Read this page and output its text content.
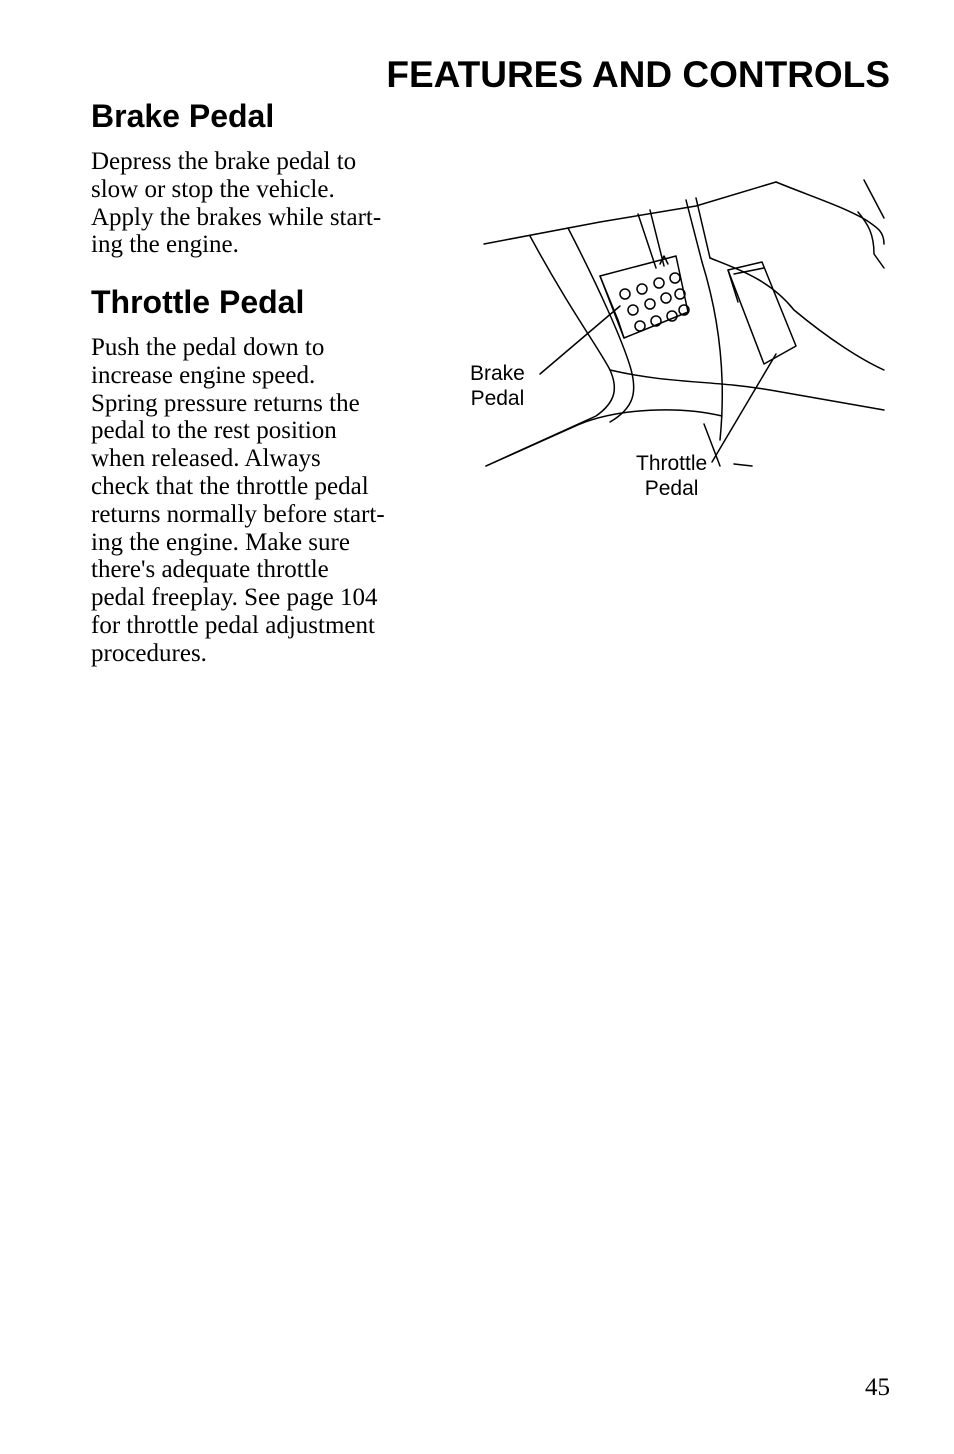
FEATURES AND CONTROLS
Brake Pedal
Depress the brake pedal to
slow or stop the vehicle.
Apply the brakes while start-
ing the engine.
Throttle Pedal
Push the pedal down to
increase engine speed.
Spring pressure returns the
pedal to the rest position
when released. Always
check that the throttle pedal
returns normally before start-
ing the engine. Make sure
there's adequate throttle
pedal freeplay. See page 104
for throttle pedal adjustment
procedures.
Brake
Pedal
Throttle
Pedal
45
